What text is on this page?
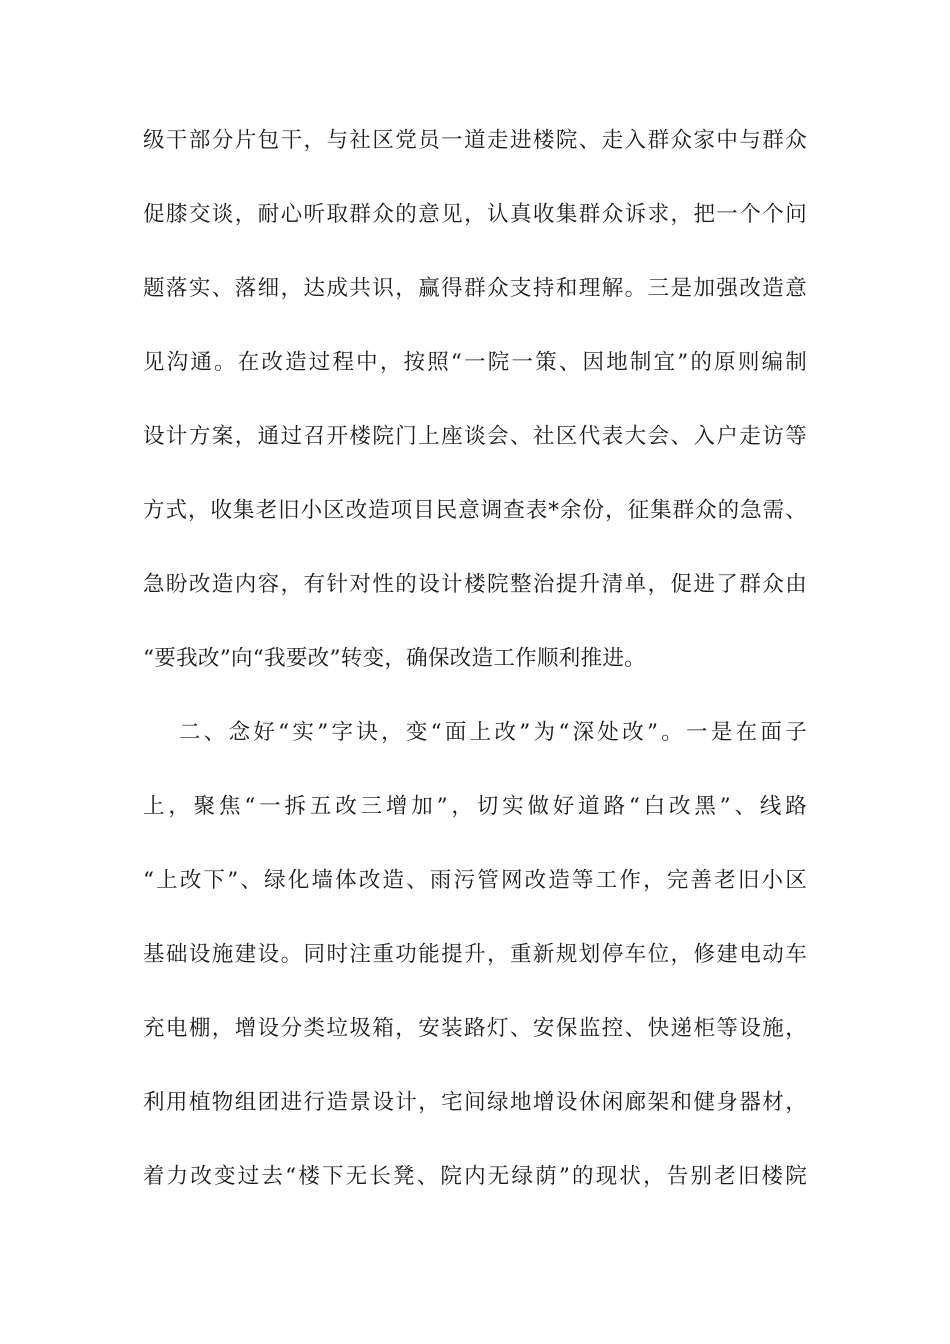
级干部分片包干，与社区党员一道走进楼院、走入群众家中与群众
促膝交谈，耐心听取群众的意见，认真收集群众诉求，把一个个问
题落实、落细，达成共识，赢得群众支持和理解。三是加强改造意
见沟通。在改造过程中，按照“一院一策、因地制宜”的原则编制
设计方案，通过召开楼院门上座谈会、社区代表大会、入户走访等
方式，收集老旧小区改造项目民意调查表*余份，征集群众的急需、
急盼改造内容，有针对性的设计楼院整治提升清单，促进了群众由
“要我改”向“我要改”转变，确保改造工作顺利推进。
二、念好“实”字诀，变“面上改”为“深处改”。一是在面子
上，聚焦“一拆五改三增加”，切实做好道路“白改黑”、线路
“上改下”、绿化墙体改造、雨污管网改造等工作，完善老旧小区
基础设施建设。同时注重功能提升，重新规划停车位，修建电动车
充电棚，增设分类垃圾箱，安装路灯、安保监控、快递柜等设施，
利用植物组团进行造景设计，宅间绿地增设休闲廊架和健身器材，
着力改变过去“楼下无长凳、院内无绿荫”的现状，告别老旧楼院
